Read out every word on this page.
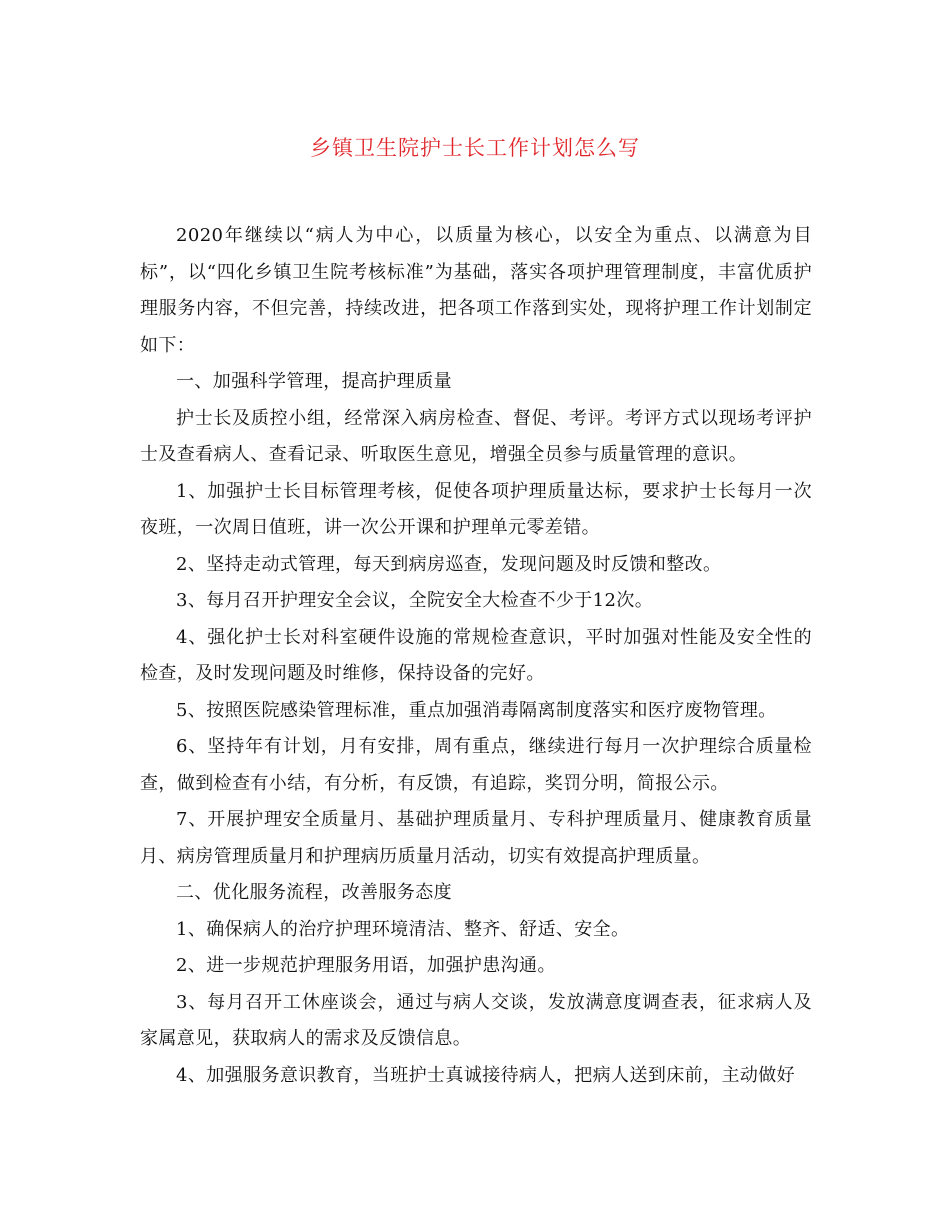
乡镇卫生院护士长工作计划怎么写

2020年继续以“病人为中心，以质量为核心，以安全为重点、以满意为目标”，以“四化乡镇卫生院考核标准”为基础，落实各项护理管理制度，丰富优质护理服务内容，不但完善，持续改进，把各项工作落到实处，现将护理工作计划制定如下：

一、加强科学管理，提高护理质量

护士长及质控小组，经常深入病房检查、督促、考评。考评方式以现场考评护士及查看病人、查看记录、听取医生意见，增强全员参与质量管理的意识。

1、加强护士长目标管理考核，促使各项护理质量达标，要求护士长每月一次夜班，一次周日值班，讲一次公开课和护理单元零差错。

2、坚持走动式管理，每天到病房巡查，发现问题及时反馈和整改。

3、每月召开护理安全会议，全院安全大检查不少于12次。

4、强化护士长对科室硬件设施的常规检查意识，平时加强对性能及安全性的检查，及时发现问题及时维修，保持设备的完好。

5、按照医院感染管理标准，重点加强消毒隔离制度落实和医疗废物管理。

6、坚持年有计划，月有安排，周有重点，继续进行每月一次护理综合质量检查，做到检查有小结，有分析，有反馈，有追踪，奖罚分明，简报公示。

7、开展护理安全质量月、基础护理质量月、专科护理质量月、健康教育质量月、病房管理质量月和护理病历质量月活动，切实有效提高护理质量。

二、优化服务流程，改善服务态度

1、确保病人的治疗护理环境清洁、整齐、舒适、安全。

2、进一步规范护理服务用语，加强护患沟通。

3、每月召开工休座谈会，通过与病人交谈，发放满意度调查表，征求病人及家属意见，获取病人的需求及反馈信息。

4、加强服务意识教育，当班护士真诚接待病人，把病人送到床前，主动做好
